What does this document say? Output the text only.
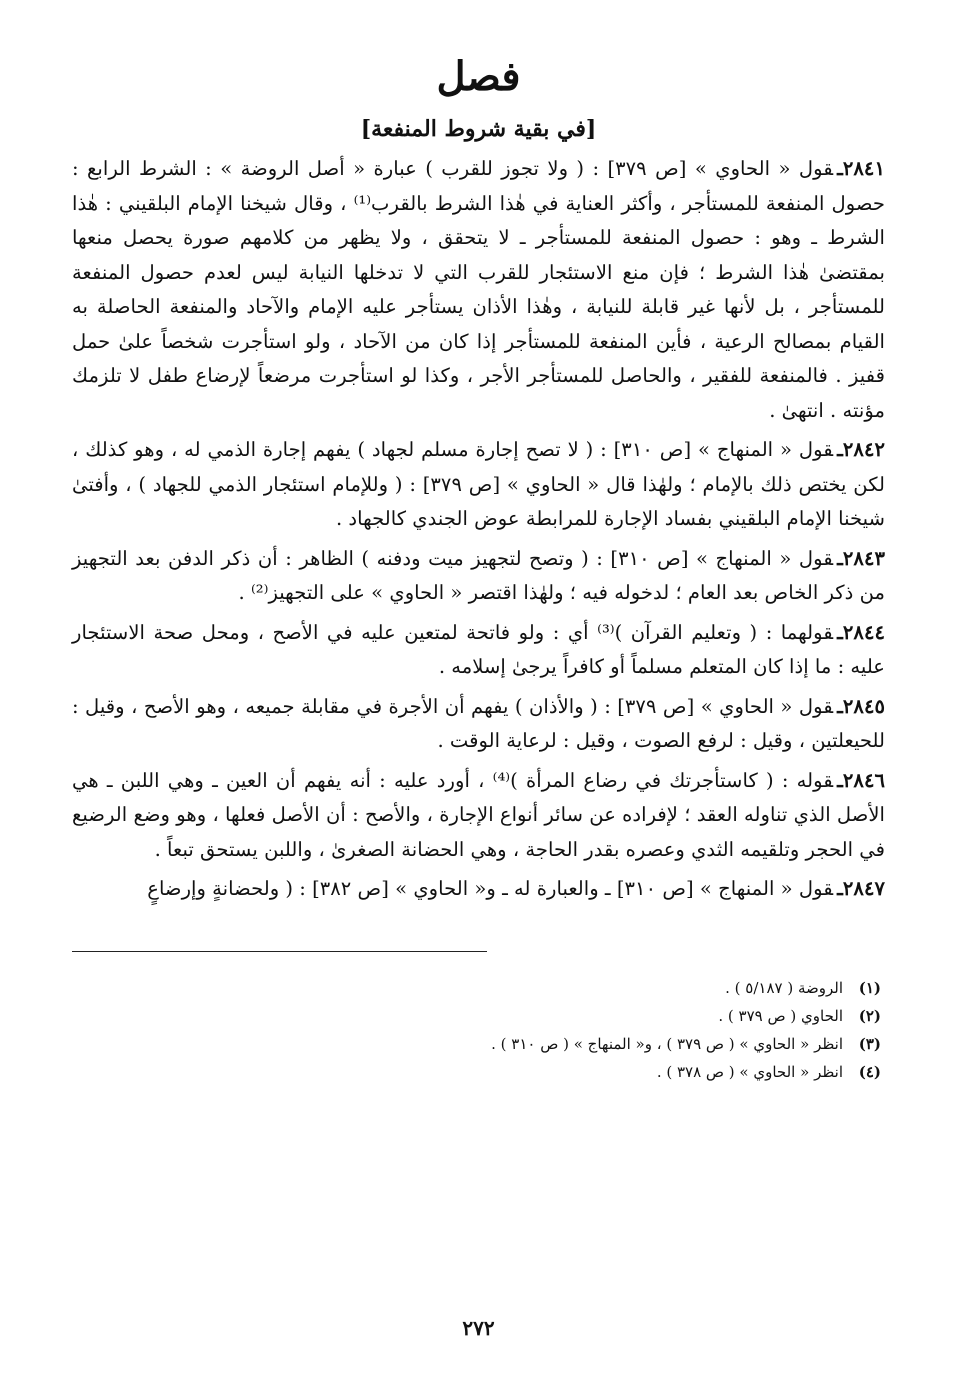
فصل
[في بقية شروط المنفعة]

٢٨٤١ـقول « الحاوي » [ص ٣٧٩] : ( ولا تجوز للقرب ) عبارة « أصل الروضة » : الشرط الرابع : حصول المنفعة للمستأجر ، وأكثر العناية في هٰذا الشرط بالقرب⁽¹⁾ ، وقال شيخنا الإمام البلقيني : هٰذا الشرط ـ وهو : حصول المنفعة للمستأجر ـ لا يتحقق ، ولا يظهر من كلامهم صورة يحصل منعها بمقتضىٰ هٰذا الشرط ؛ فإن منع الاستئجار للقرب التي لا تدخلها النيابة ليس لعدم حصول المنفعة للمستأجر ، بل لأنها غير قابلة للنيابة ، وهٰذا الأذان يستأجر عليه الإمام والآحاد والمنفعة الحاصلة به القيام بمصالح الرعية ، فأين المنفعة للمستأجر إذا كان من الآحاد ، ولو استأجرت شخصاً علىٰ حمل قفيز . فالمنفعة للفقير ، والحاصل للمستأجر الأجر ، وكذا لو استأجرت مرضعاً لإرضاع طفل لا تلزمك مؤنته . انتهىٰ .

٢٨٤٢ـقول « المنهاج » [ص ٣١٠] : ( لا تصح إجارة مسلم لجهاد ) يفهم إجارة الذمي له ، وهو كذلك ، لكن يختص ذلك بالإمام ؛ ولهٰذا قال « الحاوي » [ص ٣٧٩] : ( وللإمام استئجار الذمي للجهاد ) ، وأفتىٰ شيخنا الإمام البلقيني بفساد الإجارة للمرابطة عوض الجندي كالجهاد .

٢٨٤٣ـقول « المنهاج » [ص ٣١٠] : ( وتصح لتجهيز ميت ودفنه ) الظاهر : أن ذكر الدفن بعد التجهيز من ذكر الخاص بعد العام ؛ لدخوله فيه ؛ ولهٰذا اقتصر « الحاوي » على التجهيز⁽²⁾ .

٢٨٤٤ـقولهما : ( وتعليم القرآن )⁽³⁾ أي : ولو فاتحة لمتعين عليه في الأصح ، ومحل صحة الاستئجار عليه : ما إذا كان المتعلم مسلماً أو كافراً يرجىٰ إسلامه .

٢٨٤٥ـقول « الحاوي » [ص ٣٧٩] : ( والأذان ) يفهم أن الأجرة في مقابلة جميعه ، وهو الأصح ، وقيل : للحيعلتين ، وقيل : لرفع الصوت ، وقيل : لرعاية الوقت .

٢٨٤٦ـقوله : ( كاستأجرتك في رضاع المرأة )⁽⁴⁾ ، أورد عليه : أنه يفهم أن العين ـ وهي اللبن ـ هي الأصل الذي تناوله العقد ؛ لإفراده عن سائر أنواع الإجارة ، والأصح : أن الأصل فعلها ، وهو وضع الرضيع في الحجر وتلقيمه الثدي وعصره بقدر الحاجة ، وهي الحضانة الصغرىٰ ، واللبن يستحق تبعاً .

٢٨٤٧ـقول « المنهاج » [ص ٣١٠] ـ والعبارة له ـ و« الحاوي » [ص ٣٨٢] : ( ولحضانةٍ وإرضاعٍ

(١)الروضة ( ٥/١٨٧ ) .
(٢)الحاوي ( ص ٣٧٩ ) .
(٣)انظر « الحاوي » ( ص ٣٧٩ ) ، و« المنهاج » ( ص ٣١٠ ) .
(٤)انظر « الحاوي » ( ص ٣٧٨ ) .
٢٧٢
